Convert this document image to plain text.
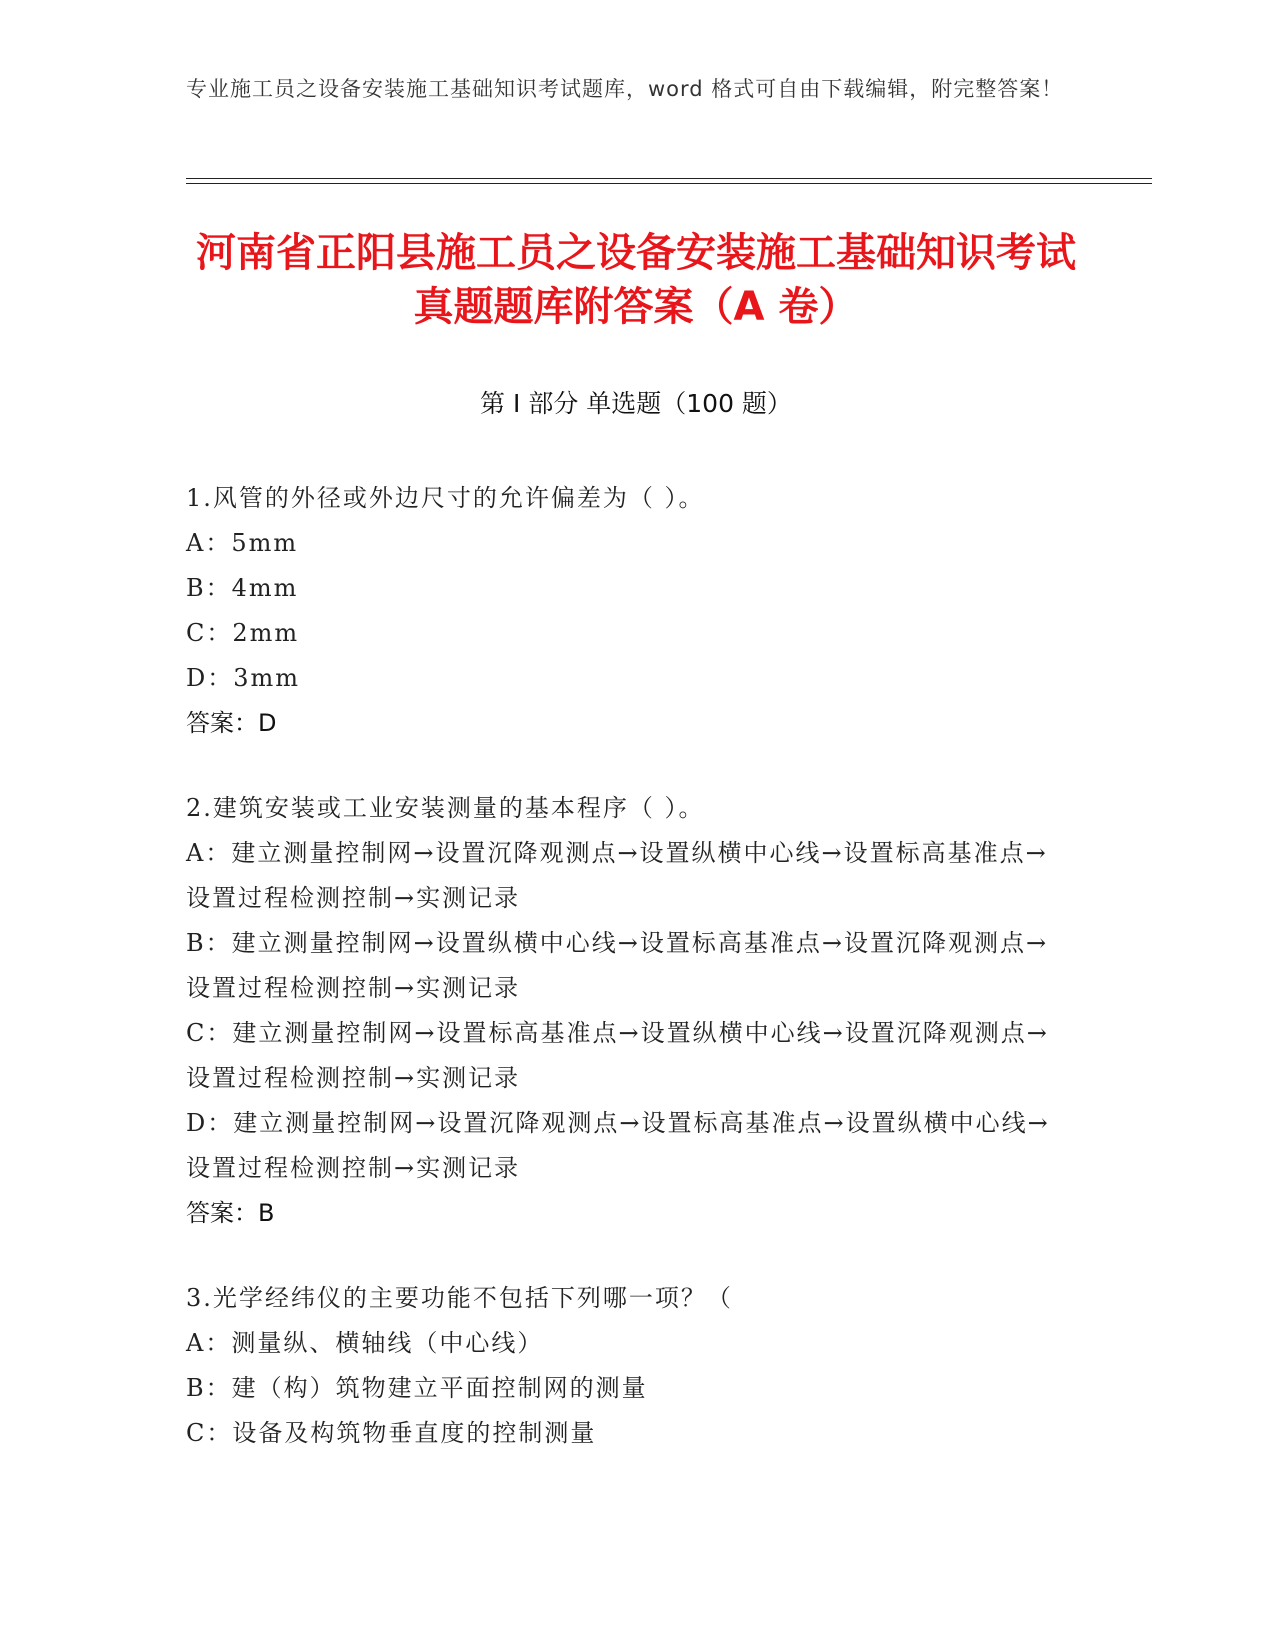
专业施工员之设备安装施工基础知识考试题库，word 格式可自由下载编辑，附完整答案！
河南省正阳县施工员之设备安装施工基础知识考试真题题库附答案（A 卷）
第 I 部分 单选题（100 题）

1.风管的外径或外边尺寸的允许偏差为（ ）。

A：5mm

B：4mm

C：2mm

D：3mm

答案：D

2.建筑安装或工业安装测量的基本程序（ ）。

A：建立测量控制网→设置沉降观测点→设置纵横中心线→设置标高基准点→设置过程检测控制→实测记录

B：建立测量控制网→设置纵横中心线→设置标高基准点→设置沉降观测点→设置过程检测控制→实测记录

C：建立测量控制网→设置标高基准点→设置纵横中心线→设置沉降观测点→设置过程检测控制→实测记录

D：建立测量控制网→设置沉降观测点→设置标高基准点→设置纵横中心线→设置过程检测控制→实测记录

答案：B

3.光学经纬仪的主要功能不包括下列哪一项？（

A：测量纵、横轴线（中心线）

B：建（构）筑物建立平面控制网的测量

C：设备及构筑物垂直度的控制测量
